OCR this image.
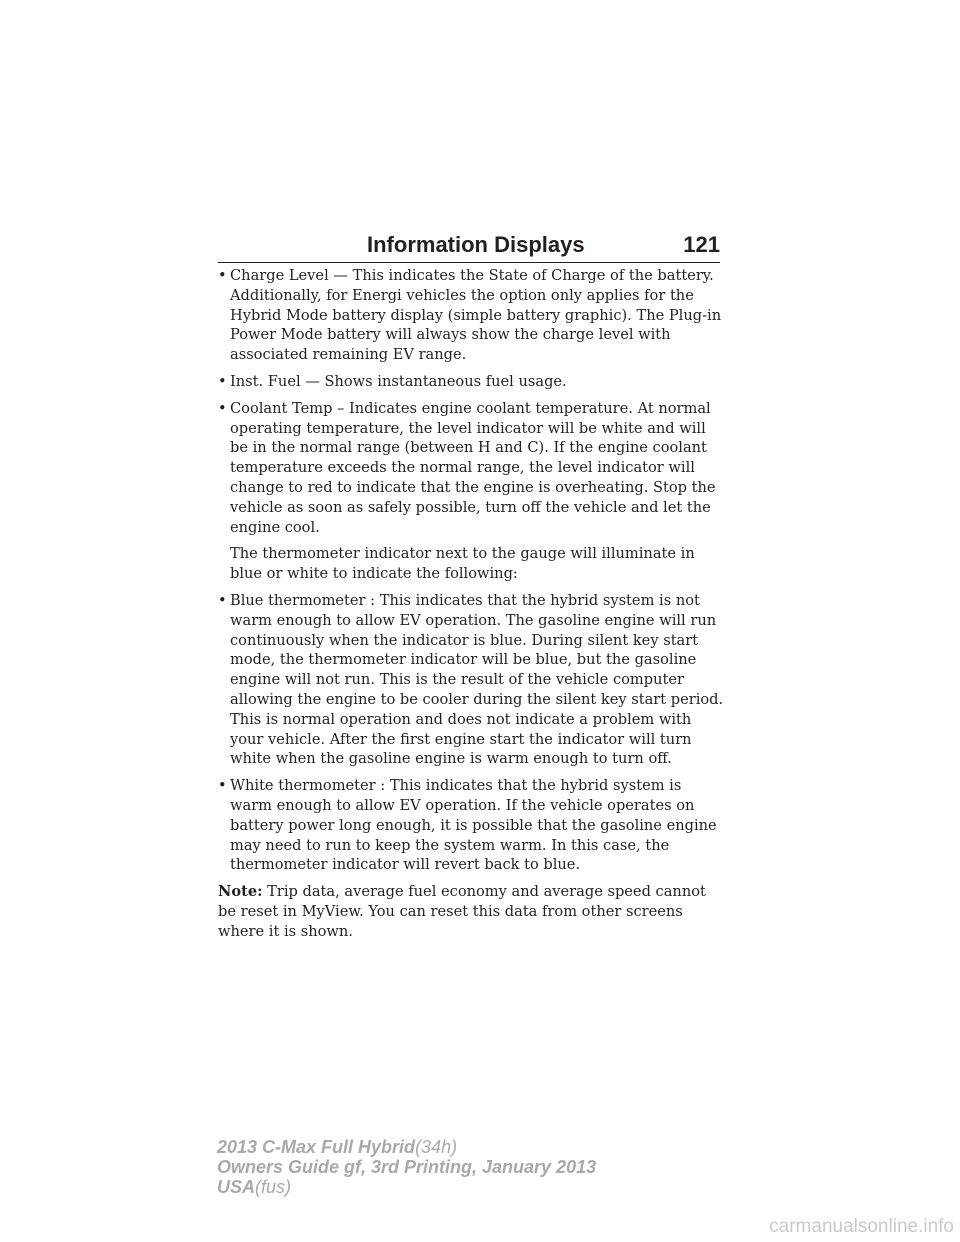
Information Displays	121
• Charge Level — This indicates the State of Charge of the battery. Additionally, for Energi vehicles the option only applies for the Hybrid Mode battery display (simple battery graphic). The Plug-in Power Mode battery will always show the charge level with associated remaining EV range.
• Inst. Fuel — Shows instantaneous fuel usage.
• Coolant Temp – Indicates engine coolant temperature. At normal operating temperature, the level indicator will be white and will be in the normal range (between H and C). If the engine coolant temperature exceeds the normal range, the level indicator will change to red to indicate that the engine is overheating. Stop the vehicle as soon as safely possible, turn off the vehicle and let the engine cool.

The thermometer indicator next to the gauge will illuminate in blue or white to indicate the following:

• Blue thermometer : This indicates that the hybrid system is not warm enough to allow EV operation. The gasoline engine will run continuously when the indicator is blue. During silent key start mode, the thermometer indicator will be blue, but the gasoline engine will not run. This is the result of the vehicle computer allowing the engine to be cooler during the silent key start period. This is normal operation and does not indicate a problem with your vehicle. After the first engine start the indicator will turn white when the gasoline engine is warm enough to turn off.
• White thermometer : This indicates that the hybrid system is warm enough to allow EV operation. If the vehicle operates on battery power long enough, it is possible that the gasoline engine may need to run to keep the system warm. In this case, the thermometer indicator will revert back to blue.

Note: Trip data, average fuel economy and average speed cannot be reset in MyView. You can reset this data from other screens where it is shown.

2013 C-Max Full Hybrid(34h)
Owners Guide gf, 3rd Printing, January 2013
USA(fus)
carmanualsonline.info
